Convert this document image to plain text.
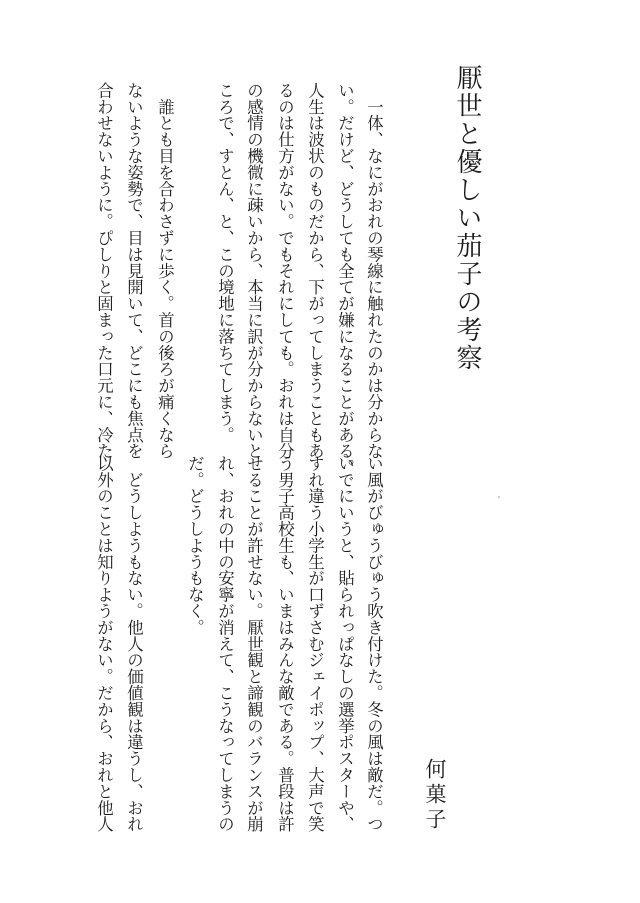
厭世と優しい茄子の考察
何菓子
　一体、なにがおれの琴線に触れたのかは分からな
い。だけど、どうしても全てが嫌になることがある。
人生は波状のものだから、下がってしまうこともあ
るのは仕方がない。でもそれにしても。おれは自分
の感情の機微に疎いから、本当に訳が分からないと
ころで、すとん、と、この境地に落ちてしまう。
　誰とも目を合わさずに歩く。首の後ろが痛くなら
ないような姿勢で、目は見開いて、どこにも焦点を
合わせないように。ぴしりと固まった口元に、冷た
い風がびゅうびゅう吹き付けた。冬の風は敵だ。つ
いでにいうと、貼られっぱなしの選挙ポスターや、
すれ違う小学生が口ずさむジェイポップ、大声で笑
う男子高校生も、いまはみんな敵である。普段は許
せることが許せない。厭世観と諦観のバランスが崩
れ、おれの中の安寧が消えて、こうなってしまうの
だ。どうしようもなく。
　どうしようもない。他人の価値観は違うし、おれ
以外のことは知りようがない。だから、おれと他人
